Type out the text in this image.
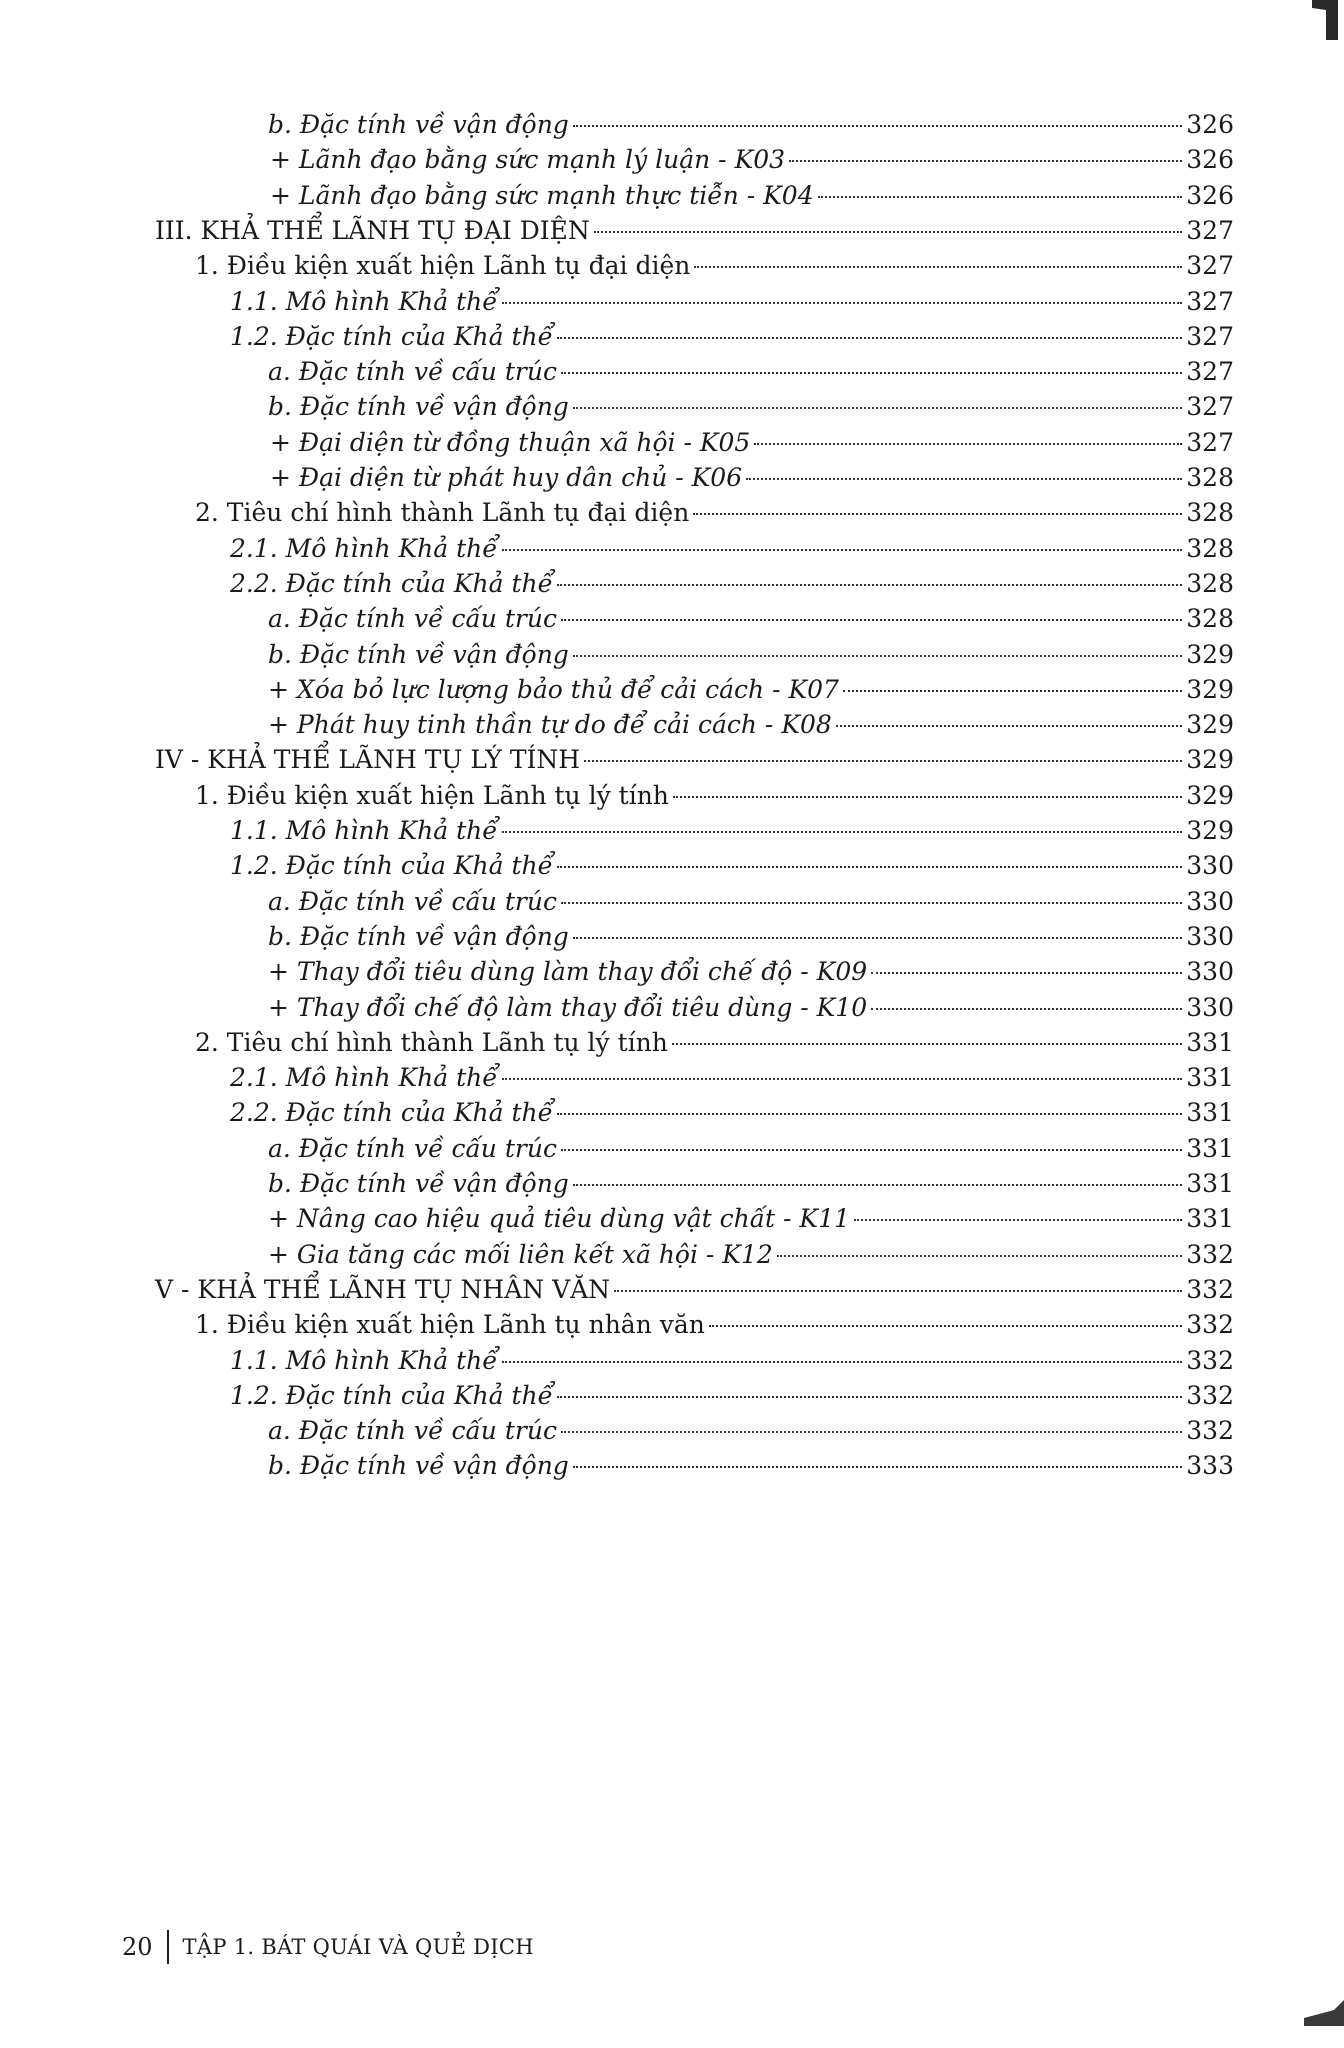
b. Đặc tính về vận động	326
+ Lãnh đạo bằng sức mạnh lý luận - K03	326
+ Lãnh đạo bằng sức mạnh thực tiễn - K04	326
III. KHẢ THỂ LÃNH TỤ ĐẠI DIỆN	327
1. Điều kiện xuất hiện Lãnh tụ đại diện	327
1.1. Mô hình Khả thể	327
1.2. Đặc tính của Khả thể	327
a. Đặc tính về cấu trúc	327
b. Đặc tính về vận động	327
+ Đại diện từ đồng thuận xã hội - K05	327
+ Đại diện từ phát huy dân chủ - K06	328
2. Tiêu chí hình thành Lãnh tụ đại diện	328
2.1. Mô hình Khả thể	328
2.2. Đặc tính của Khả thể	328
a. Đặc tính về cấu trúc	328
b. Đặc tính về vận động	329
+ Xóa bỏ lực lượng bảo thủ để cải cách - K07	329
+ Phát huy tinh thần tự do để cải cách - K08	329
IV - KHẢ THỂ LÃNH TỤ LÝ TÍNH	329
1. Điều kiện xuất hiện Lãnh tụ lý tính	329
1.1. Mô hình Khả thể	329
1.2. Đặc tính của Khả thể	330
a. Đặc tính về cấu trúc	330
b. Đặc tính về vận động	330
+ Thay đổi tiêu dùng làm thay đổi chế độ - K09	330
+ Thay đổi chế độ làm thay đổi tiêu dùng - K10	330
2. Tiêu chí hình thành Lãnh tụ lý tính	331
2.1. Mô hình Khả thể	331
2.2. Đặc tính của Khả thể	331
a. Đặc tính về cấu trúc	331
b. Đặc tính về vận động	331
+ Nâng cao hiệu quả tiêu dùng vật chất - K11	331
+ Gia tăng các mối liên kết xã hội - K12	332
V - KHẢ THỂ LÃNH TỤ NHÂN VĂN	332
1. Điều kiện xuất hiện Lãnh tụ nhân văn	332
1.1. Mô hình Khả thể	332
1.2. Đặc tính của Khả thể	332
a. Đặc tính về cấu trúc	332
b. Đặc tính về vận động	333
20 TẬP 1. BÁT QUÁI VÀ QUẺ DỊCH
